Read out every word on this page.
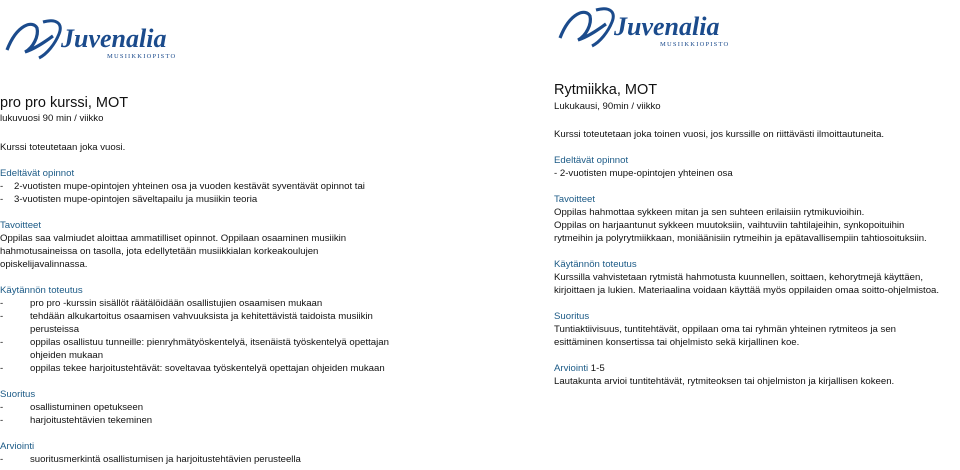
Juvenalia
MUSIIKKIOPISTO
pro pro kurssi, MOT
lukuvuosi 90 min / viikko

Kurssi toteutetaan joka vuosi.

Edeltävät opinnot

- 2-vuotisten mupe-opintojen yhteinen osa ja vuoden kestävät syventävät opinnot tai

- 3-vuotisten mupe-opintojen säveltapailu ja musiikin teoria

Tavoitteet

Oppilas saa valmiudet aloittaa ammatilliset opinnot. Oppilaan osaaminen musiikin hahmotusaineissa on tasolla, jota edellytetään musiikkialan korkeakoulujen opiskelijavalinnassa.

Käytännön toteutus

-	pro pro -kurssin sisällöt räätälöidään osallistujien osaamisen mukaan

-	tehdään alkukartoitus osaamisen vahvuuksista ja kehitettävistä taidoista musiikin perusteissa

-	oppilas osallistuu tunneille: pienryhmätyöskentelyä, itsenäistä työskentelyä opettajan ohjeiden mukaan

-	oppilas tekee harjoitustehtävät: soveltavaa työskentelyä opettajan ohjeiden mukaan

Suoritus

-	osallistuminen opetukseen

-	harjoitustehtävien tekeminen

Arviointi

-	suoritusmerkintä osallistumisen ja harjoitustehtävien perusteella

Juvenalia
MUSIIKKIOPISTO
Rytmiikka, MOT
Lukukausi, 90min / viikko

Kurssi toteutetaan joka toinen vuosi, jos kurssille on riittävästi ilmoittautuneita.

Edeltävät opinnot

- 2-vuotisten mupe-opintojen yhteinen osa

Tavoitteet

Oppilas hahmottaa sykkeen mitan ja sen suhteen erilaisiin rytmikuvioihin.

Oppilas on harjaantunut sykkeen muutoksiin, vaihtuviin tahtilajeihin, synkopoituihin

rytmeihin ja polyrytmiikkaan, moniäänisiin rytmeihin ja epätavallisempiin tahtiosoituksiin.

Käytännön toteutus

Kurssilla vahvistetaan rytmistä hahmotusta kuunnellen, soittaen, kehorytmejä käyttäen,

kirjoittaen ja lukien. Materiaalina voidaan käyttää myös oppilaiden omaa soitto-ohjelmistoa.

Suoritus

Tuntiaktiivisuus, tuntitehtävät, oppilaan oma tai ryhmän yhteinen rytmiteos ja sen

esittäminen konsertissa tai ohjelmisto sekä kirjallinen koe.

Arviointi 1-5

Lautakunta arvioi tuntitehtävät, rytmiteoksen tai ohjelmiston ja kirjallisen kokeen.
